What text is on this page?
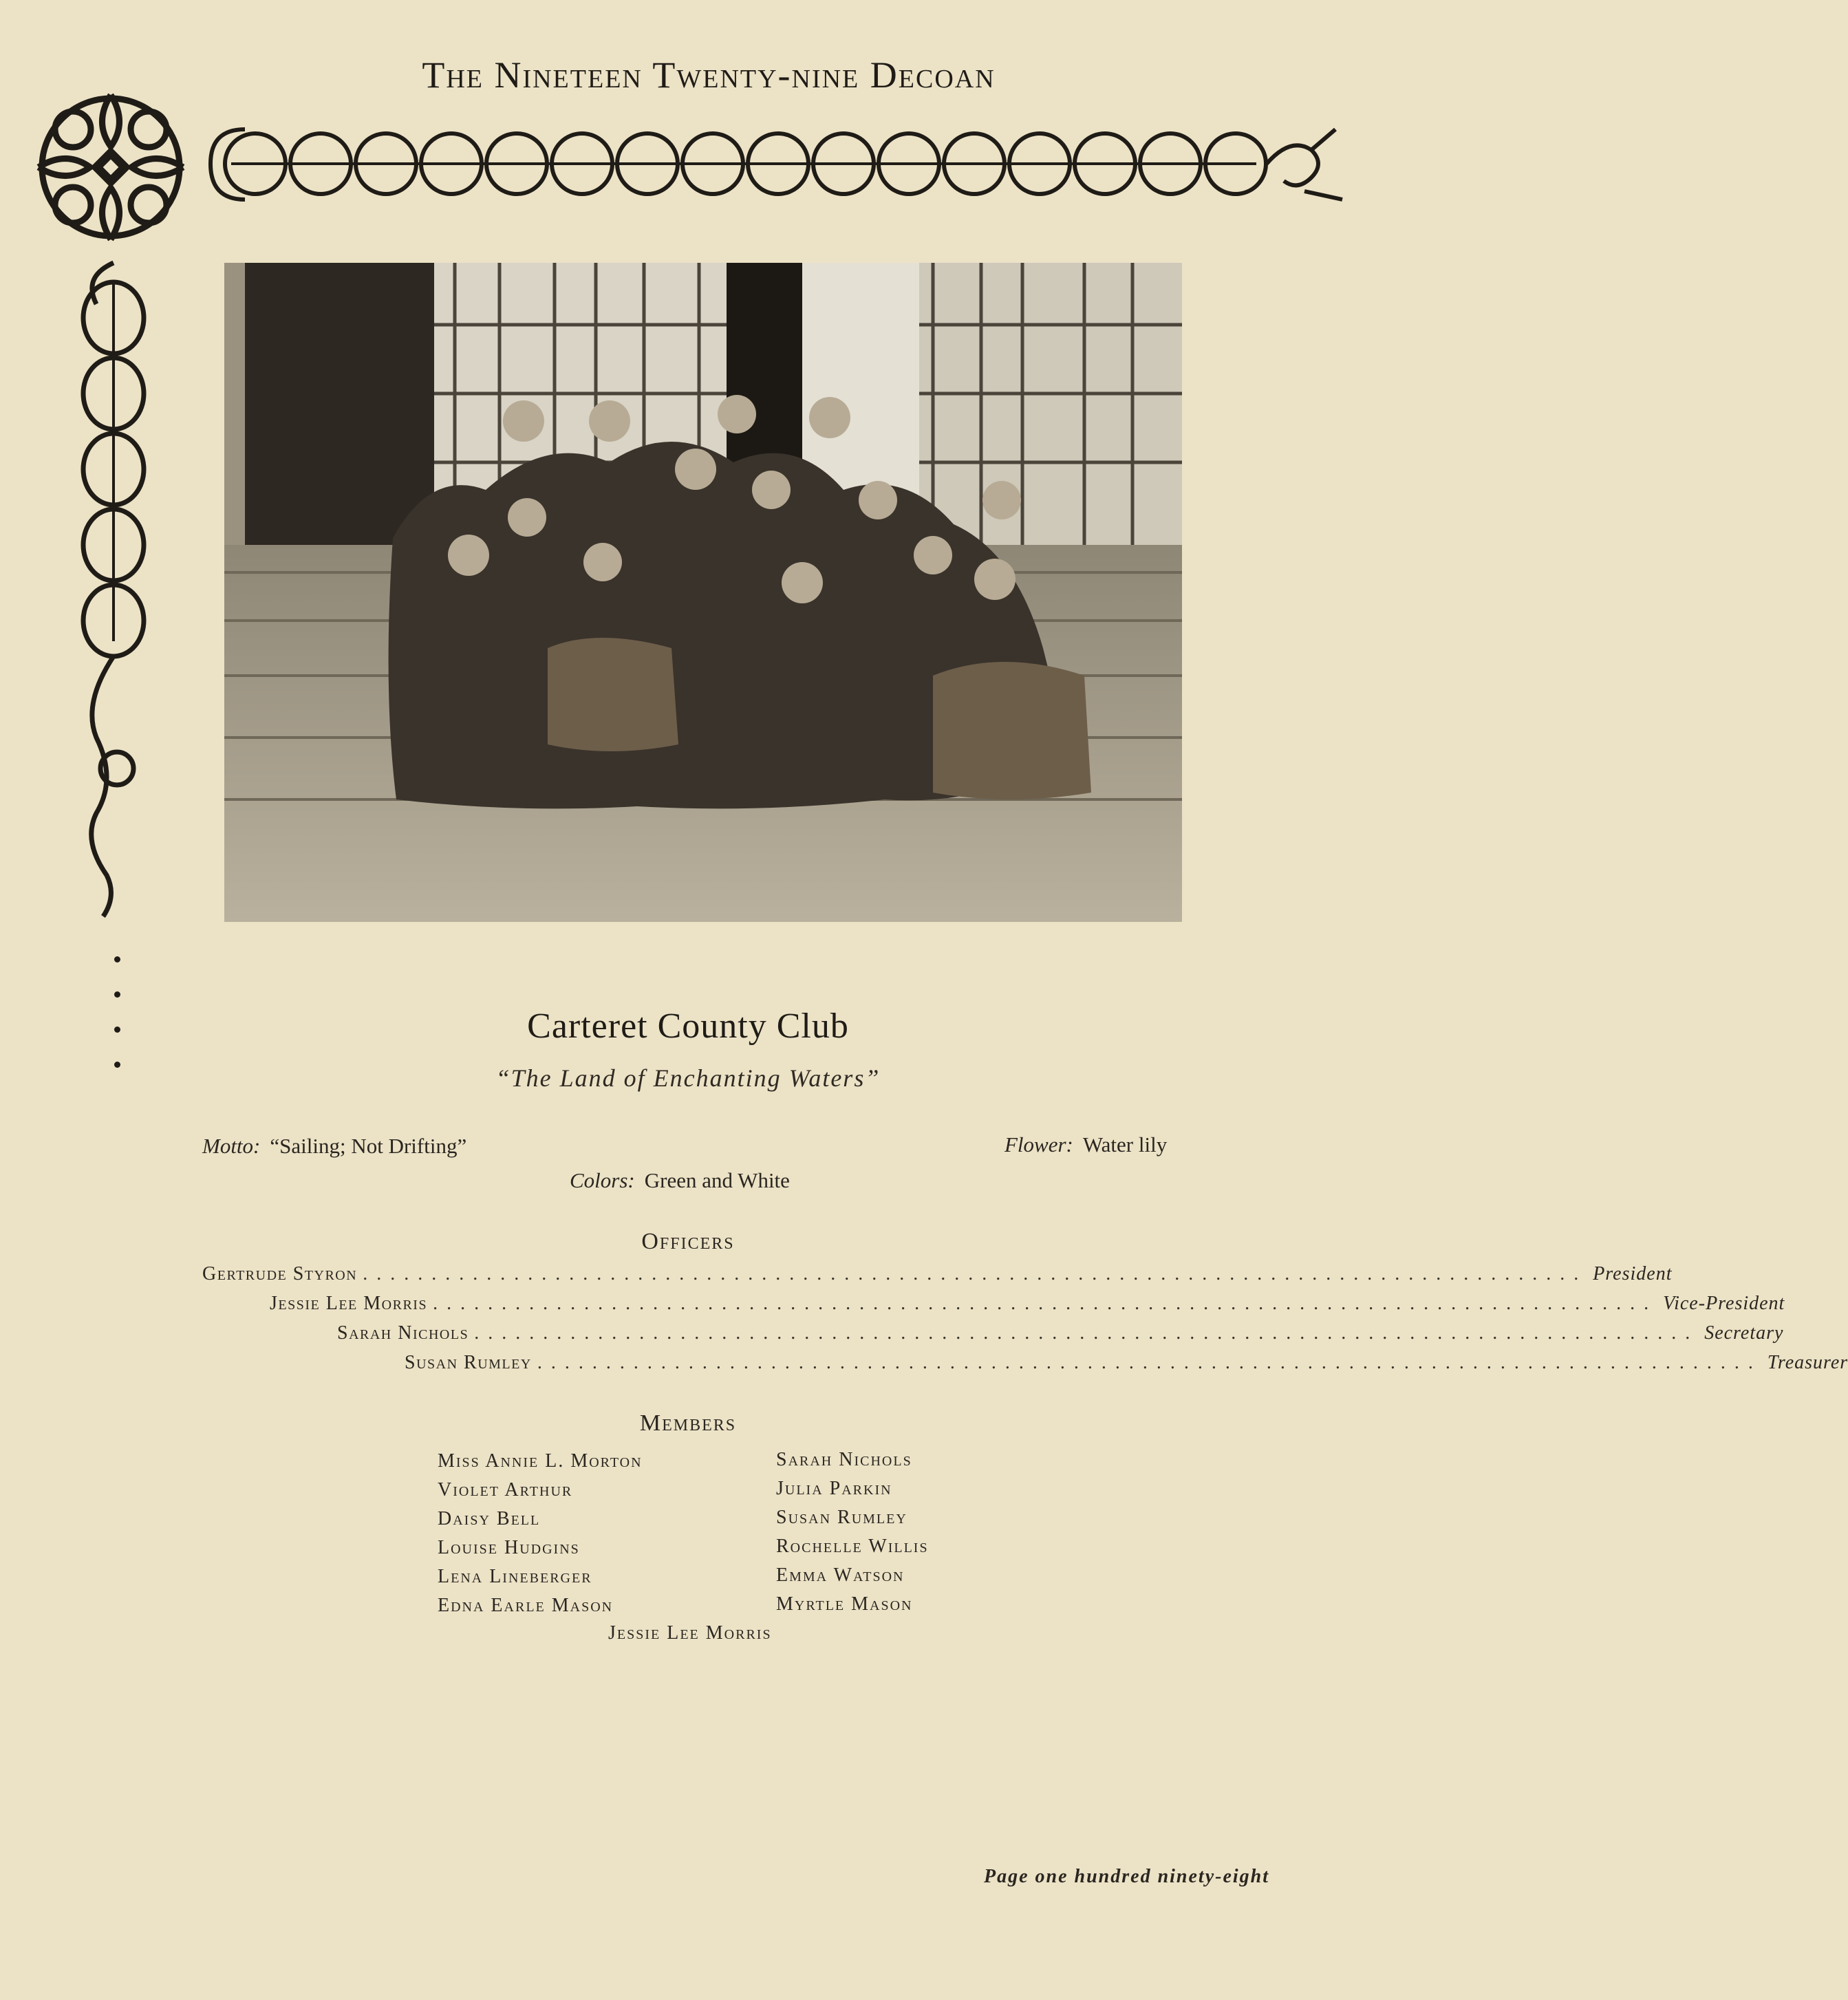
The Nineteen Twenty-nine Decoan
Carteret County Club
“The Land of Enchanting Waters”
Motto: “Sailing; Not Drifting”	Flower: Water lily
Colors: Green and White
Officers
Gertrude Styron ......................................................................................... President
Jessie Lee Morris ......................................................................................... Vice-President
Sarah Nichols ......................................................................................... Secretary
Susan Rumley ......................................................................................... Treasurer
Members
Miss Annie L. Morton
Violet Arthur
Daisy Bell
Louise Hudgins
Lena Lineberger
Edna Earle Mason
Sarah Nichols
Julia Parkin
Susan Rumley
Rochelle Willis
Emma Watson
Myrtle Mason
Jessie Lee Morris
Page one hundred ninety-eight
